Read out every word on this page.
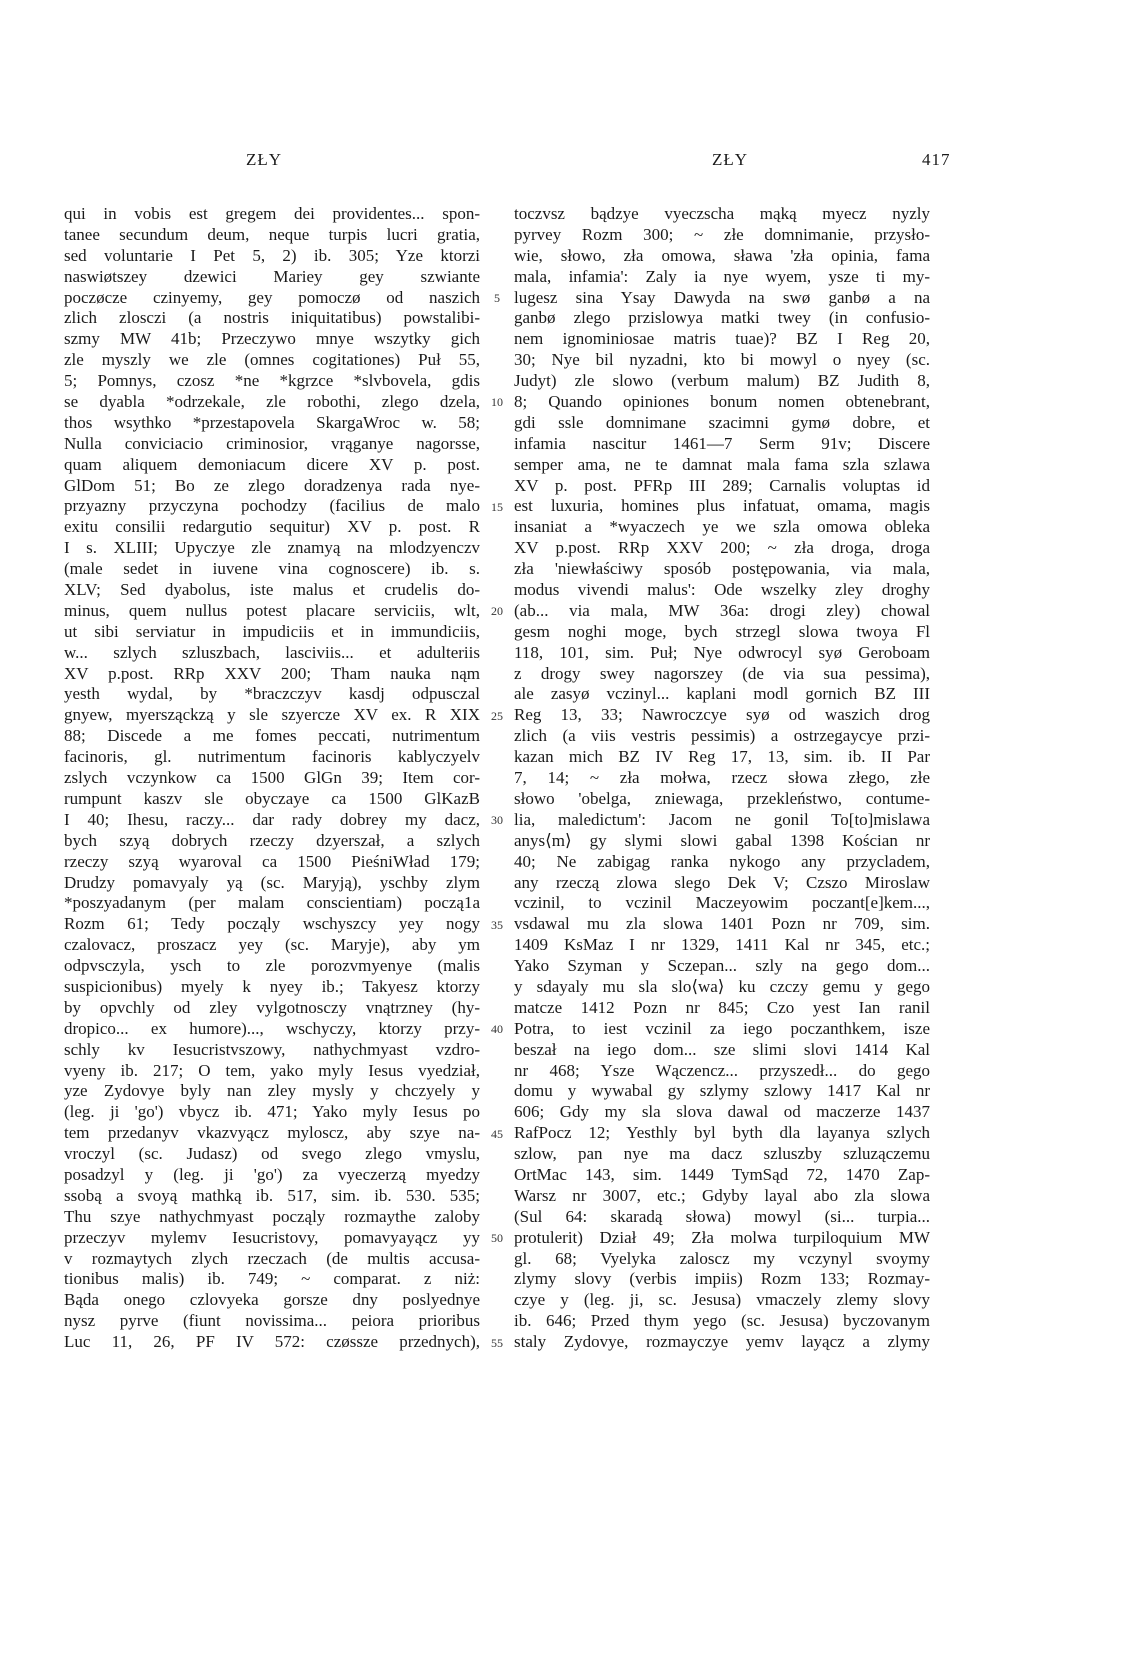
ZŁY	ZŁY	417
qui in vobis est gregem dei providentes... spon-
tanee secundum deum, neque turpis lucri gratia,
sed voluntarie I Pet 5, 2) ib. 305; Yze ktorzi
naswiøtszey dzewici Mariey gey szwiante
poczøcze czinyemy, gey pomoczø od naszich
zlich zlosczi (a nostris iniquitatibus) powstalibi-
szmy MW 41b; Przeczywo mnye wszytky gich
zle myszly we zle (omnes cogitationes) Puł 55,
5; Pomnys, czosz *ne *kgrzce *slvbovela, gdis
se dyabla *odrzekale, zle robothi, zlego dzela,
thos wsythko *przestapovela SkargaWroc w. 58;
Nulla conviciacio criminosior, vrąganye nagorsse,
quam aliquem demoniacum dicere XV p. post.
GlDom 51; Bo ze zlego doradzenya rada nye-
przyazny przyczyna pochodzy (facilius de malo
exitu consilii redargutio sequitur) XV p. post. R
I s. XLIII; Upyczye zle znamyą na mlodzyenczv
(male sedet in iuvene vina cognoscere) ib. s.
XLV; Sed dyabolus, iste malus et crudelis do-
minus, quem nullus potest placare serviciis, wlt,
ut sibi serviatur in impudiciis et in immundiciis,
w... szlych szluszbach, lasciviis... et adulteriis
XV p.post. RRp XXV 200; Tham nauka nąm
yesth wydal, by *braczczyv kasdj odpusczal
gnyew, myersząckzą y sle szyercze XV ex. R XIX
88; Discede a me fomes peccati, nutrimentum
facinoris, gl. nutrimentum facinoris kablyczyelv
zslych vczynkow ca 1500 GlGn 39; Item cor-
rumpunt kaszv sle obyczaye ca 1500 GlKazB
I 40; Ihesu, raczy... dar rady dobrey my dacz,
bych szyą dobrych rzeczy dzyerszał, a szlych
rzeczy szyą wyaroval ca 1500 PieśniWład 179;
Drudzy pomavyaly yą (sc. Maryją), yschby zlym
*poszyadanym (per malam conscientiam) począ1a
Rozm 61; Tedy począly wschyszcy yey nogy
czalovacz, proszacz yey (sc. Maryje), aby ym
odpvsczyla, ysch to zle porozvmyenye (malis
suspicionibus) myely k nyey ib.; Takyesz ktorzy
by opvchly od zley vylgotnosczy vnątrzney (hy-
dropico... ex humore)..., wschyczy, ktorzy przy-
schly kv Iesucristvszowy, nathychmyast vzdro-
vyeny ib. 217; O tem, yako myly Iesus vyedział,
yze Zydovye byly nan zley mysly y chczyely y
(leg. ji 'go') vbycz ib. 471; Yako myly Iesus po
tem przedanyv vkazvyącz myloscz, aby szye na-
vroczyl (sc. Judasz) od svego zlego vmyslu,
posadzyl y (leg. ji 'go') za vyeczerzą myedzy
ssobą a svoyą mathką ib. 517, sim. ib. 530. 535;
Thu szye nathychmyast począly rozmaythe zaloby
przeczyv mylemv Iesucristovy, pomavyayącz yy
v rozmaytych zlych rzeczach (de multis accusa-
tionibus malis) ib. 749; ~ comparat. z niż:
Bąda onego czlovyeka gorsze dny poslyednye
nysz pyrve (fiunt novissima... peiora prioribus
Luc 11, 26, PF IV 572: czøssze przednych),
5
10
15
20
25
30
35
40
45
50
55
toczvsz bądzye vyeczscha mąką myecz nyzly
pyrvey Rozm 300; ~ złe domnimanie, przysło-
wie, słowo, zła omowa, sława 'zła opinia, fama
mala, infamia': Zaly ia nye wyem, ysze ti my-
lugesz sina Ysay Dawyda na swø ganbø a na
ganbø zlego przislowya matki twey (in confusio-
nem ignominiosae matris tuae)? BZ I Reg 20,
30; Nye bil nyzadni, kto bi mowyl o nyey (sc.
Judyt) zle slowo (verbum malum) BZ Judith 8,
8; Quando opiniones bonum nomen obtenebrant,
gdi ssle domnimane szacimni gymø dobre, et
infamia nascitur 1461—7 Serm 91v; Discere
semper ama, ne te damnat mala fama szla szlawa
XV p. post. PFRp III 289; Carnalis voluptas id
est luxuria, homines plus infatuat, omama, magis
insaniat a *wyaczech ye we szla omowa obleka
XV p.post. RRp XXV 200; ~ zła droga, droga
zła 'niewłaściwy sposób postępowania, via mala,
modus vivendi malus': Ode wszelky zley droghy
(ab... via mala, MW 36a: drogi zley) chowal
gesm noghi moge, bych strzegl slowa twoya Fl
118, 101, sim. Puł; Nye odwrocyl syø Geroboam
z drogy swey nagorszey (de via sua pessima),
ale zasyø vczinyl... kaplani modl gornich BZ III
Reg 13, 33; Nawroczcye syø od waszich drog
zlich (a viis vestris pessimis) a ostrzegaycye przi-
kazan mich BZ IV Reg 17, 13, sim. ib. II Par
7, 14; ~ zła mołwa, rzecz słowa złego, złe
słowo 'obelga, zniewaga, przekleństwo, contume-
lia, maledictum': Jacom ne gonil To[to]mislawa
anys⟨m⟩ gy slymi slowi gabal 1398 Kościan nr
40; Ne zabigag ranka nykogo any przycladem,
any rzeczą zlowa slego Dek V; Czszo Miroslaw
vczinil, to vczinil Maczeyowim poczant[e]kem...,
vsdawal mu zla slowa 1401 Pozn nr 709, sim.
1409 KsMaz I nr 1329, 1411 Kal nr 345, etc.;
Yako Szyman y Sczepan... szly na gego dom...
y sdayaly mu sla slo⟨wa⟩ ku czczy gemu y gego
matcze 1412 Pozn nr 845; Czo yest Ian ranil
Potra, to iest vczinil za iego poczanthkem, isze
beszał na iego dom... sze slimi slovi 1414 Kal
nr 468; Ysze Wączencz... przyszedł... do gego
domu y wywabal gy szlymy szlowy 1417 Kal nr
606; Gdy my sla slova dawal od maczerze 1437
RafPocz 12; Yesthly byl byth dla layanya szlych
szlow, pan nye ma dacz szluszby szluzączemu
OrtMac 143, sim. 1449 TymSąd 72, 1470 Zap-
Warsz nr 3007, etc.; Gdyby layal abo zla slowa
(Sul 64: skaradą słowa) mowyl (si... turpia...
protulerit) Dział 49; Zła molwa turpiloquium MW
gl. 68; Vyelyka zaloscz my vczynyl svoymy
zlymy slovy (verbis impiis) Rozm 133; Rozmay-
czye y (leg. ji, sc. Jesusa) vmaczely zlemy slovy
ib. 646; Przed thym yego (sc. Jesusa) byczovanym
staly Zydovye, rozmayczye yemv layącz a zlymy
